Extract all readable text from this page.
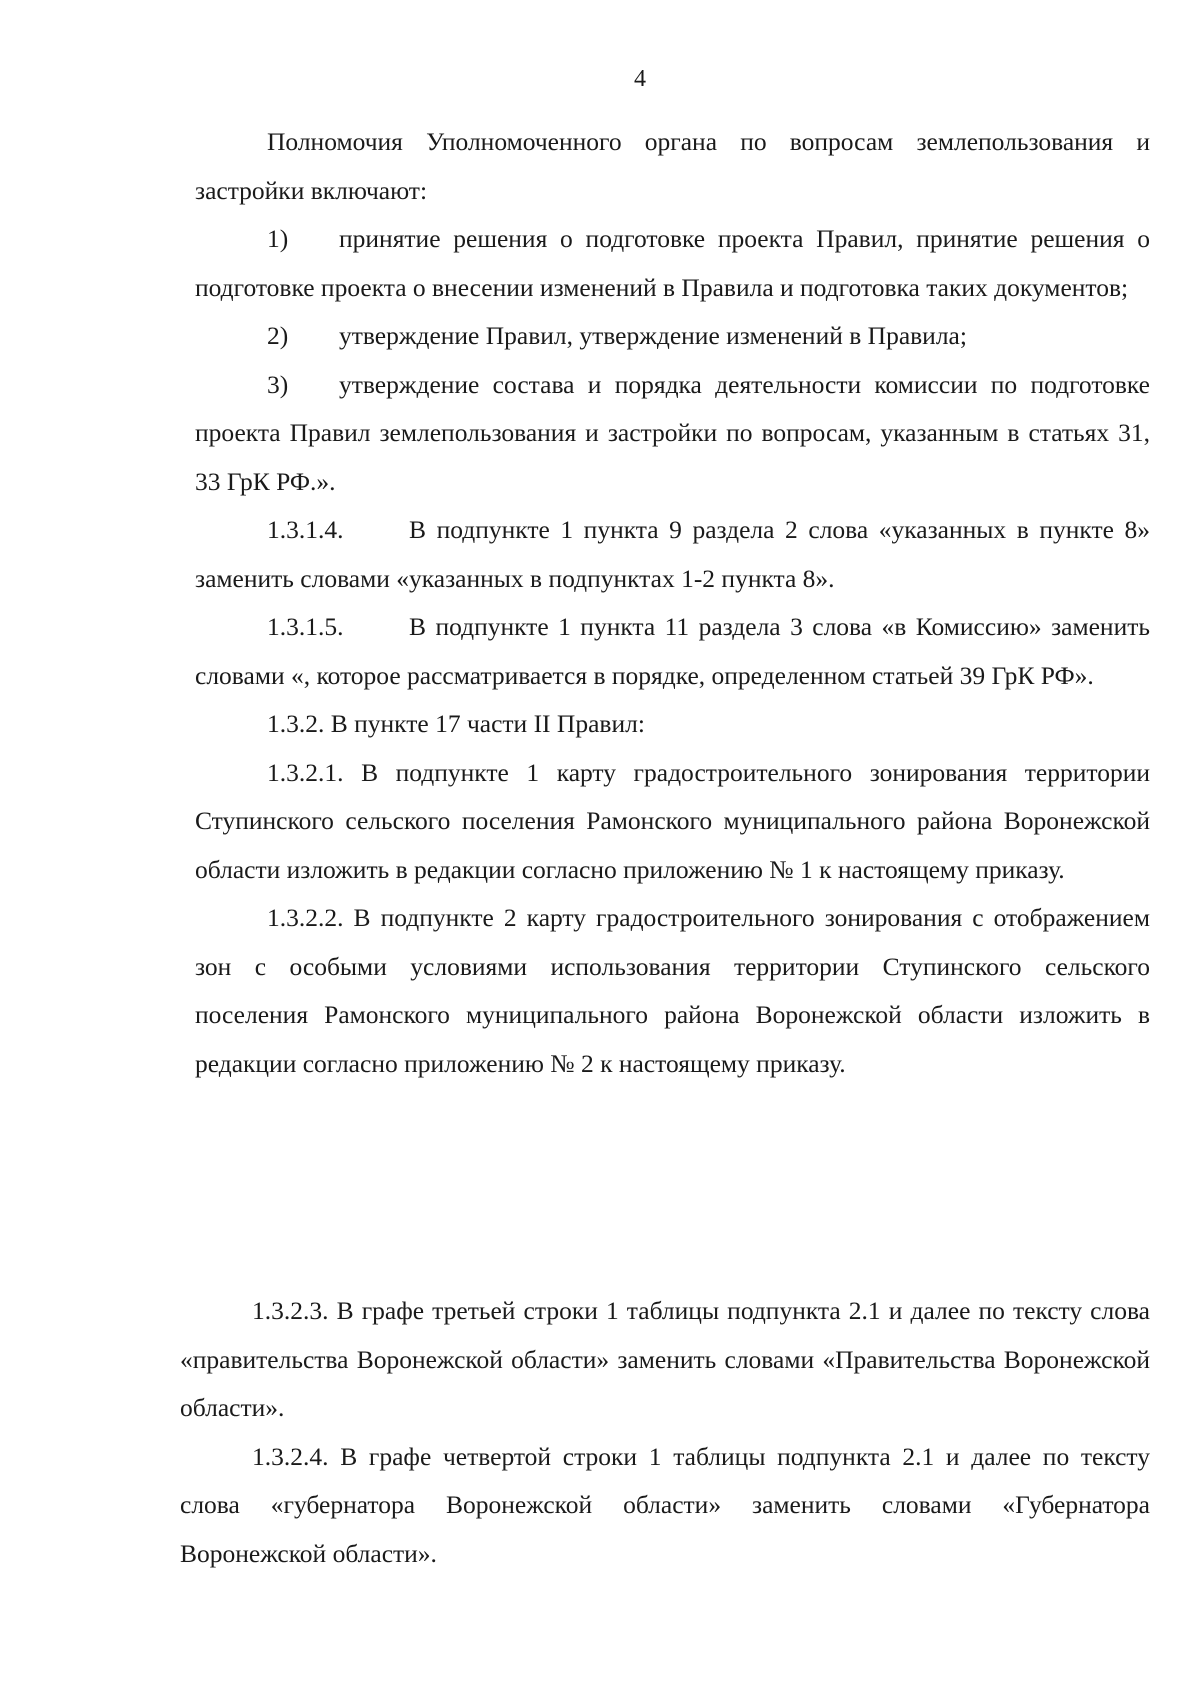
4

Полномочия Уполномоченного органа по вопросам землепользования и застройки включают:

1) принятие решения о подготовке проекта Правил, принятие решения о подготовке проекта о внесении изменений в Правила и подготовка таких документов;
2) утверждение Правил, утверждение изменений в Правила;
3) утверждение состава и порядка деятельности комиссии по подготовке проекта Правил землепользования и застройки по вопросам, указанным в статьях 31, 33 ГрК РФ.».
1.3.1.4.	В подпункте 1 пункта 9 раздела 2 слова «указанных в пункте 8» заменить словами «указанных в подпунктах 1-2 пункта 8».
1.3.1.5.	В подпункте 1 пункта 11 раздела 3 слова «в Комиссию» заменить словами «, которое рассматривается в порядке, определенном статьей 39 ГрК РФ».

1.3.2. В пункте 17 части II Правил:

1.3.2.1. В подпункте 1 карту градостроительного зонирования территории Ступинского сельского поселения Рамонского муниципального района Воронежской области изложить в редакции согласно приложению № 1 к настоящему приказу.

1.3.2.2. В подпункте 2 карту градостроительного зонирования с отображением зон с особыми условиями использования территории Ступинского сельского поселения Рамонского муниципального района Воронежской области изложить в редакции согласно приложению № 2 к настоящему приказу.

1.3.2.3. В графе третьей строки 1 таблицы подпункта 2.1 и далее по тексту слова «правительства Воронежской области» заменить словами «Правительства Воронежской области».

1.3.2.4. В графе четвертой строки 1 таблицы подпункта 2.1 и далее по тексту слова «губернатора Воронежской области» заменить словами «Губернатора Воронежской области».
